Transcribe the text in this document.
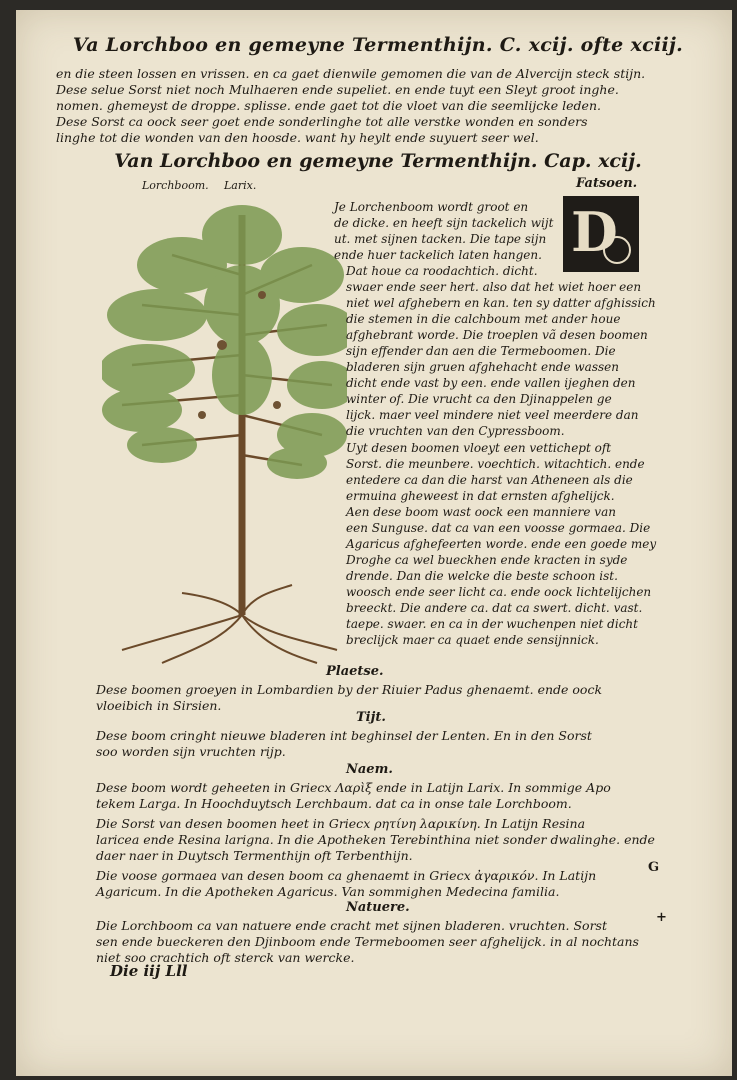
Va Lorchboo en gemeyne Termenthijn. C. xcij. ofte xciij.
en die steen lossen en vrissen. en ca gaet dienwile gemomen die van de Alvercijn steck stijn.
Dese selue Sorst niet noch Mulhaeren ende supeliet. en ende tuyt een Sleyt groot inghe.
nomen. ghemeyst de droppe. splisse. ende gaet tot die vloet van die seemlijcke leden.
Dese Sorst ca oock seer goet ende sonderlinghe tot alle verstke wonden en sonders
linghe tot die wonden van den hoosde. want hy heylt ende suyuert seer wel.
Van Lorchboo en gemeyne Termenthijn. Cap. xcij.
Larix.
Lorchboom.	Fatsoen.
D
Je Lorchenboom wordt groot en
de dicke. en heeft sijn tackelich wijt
ut. met sijnen tacken. Die tape sijn
ende huer tackelich laten hangen.
Dat houe ca roodachtich. dicht.
swaer ende seer hert. also dat het wiet hoer een
niet wel afghebern en kan. ten sy datter afghissich
die stemen in die calchboum met ander houe
afghebrant worde. Die troeplen vã desen boomen
sijn effender dan aen die Termeboomen. Die
bladeren sijn gruen afghehacht ende wassen
dicht ende vast by een. ende vallen ijeghen den
winter of. Die vrucht ca den Djinappelen ge
lijck. maer veel mindere niet veel meerdere dan
die vruchten van den Cypressboom.
Uyt desen boomen vloeyt een vettichept oft
Sorst. die meunbere. voechtich. witachtich. ende
entedere ca dan die harst van Atheneen als die
ermuina gheweest in dat ernsten afghelijck.
Aen dese boom wast oock een manniere van
een Sunguse. dat ca van een voosse gormaea. Die
Agaricus afghefeerten worde. ende een goede mey
Droghe ca wel bueckhen ende kracten in syde
drende. Dan die welcke die beste schoon ist.
woosch ende seer licht ca. ende oock lichtelijchen
breeckt. Die andere ca. dat ca swert. dicht. vast.
taepe. swaer. en ca in der wuchenpen niet dicht
breclijck maer ca quaet ende sensijnnick.
Plaetse.
Dese boomen groeyen in Lombardien by der Riuier Padus ghenaemt. ende oock
vloeibich in Sirsien.
Tijt.
Dese boom cringht nieuwe bladeren int beghinsel der Lenten. En in den Sorst
soo worden sijn vruchten rijp.
Naem.
Dese boom wordt geheeten in Griecx Λαρὶξ ende in Latijn Larix. In sommige Apo
tekem Larga. In Hoochduytsch Lerchbaum. dat ca in onse tale Lorchboom.
Die Sorst van desen boomen heet in Griecx ρητίνη λαρικίνη. In Latijn Resina
laricea ende Resina larigna. In die Apotheken Terebinthina niet sonder dwalinghe. ende
daer naer in Duytsch Termenthijn oft Terbenthijn.
Die voose gormaea van desen boom ca ghenaemt in Griecx ἀγαρικόν. In Latijn
Agaricum. In die Apotheken Agaricus. Van sommighen Medecina familia.
Natuere.
Die Lorchboom ca van natuere ende cracht met sijnen bladeren. vruchten. Sorst
sen ende bueckeren den Djinboom ende Termeboomen seer afghelijck. in al nochtans
niet soo crachtich oft sterck van wercke.
G
+
Die iij Lll
